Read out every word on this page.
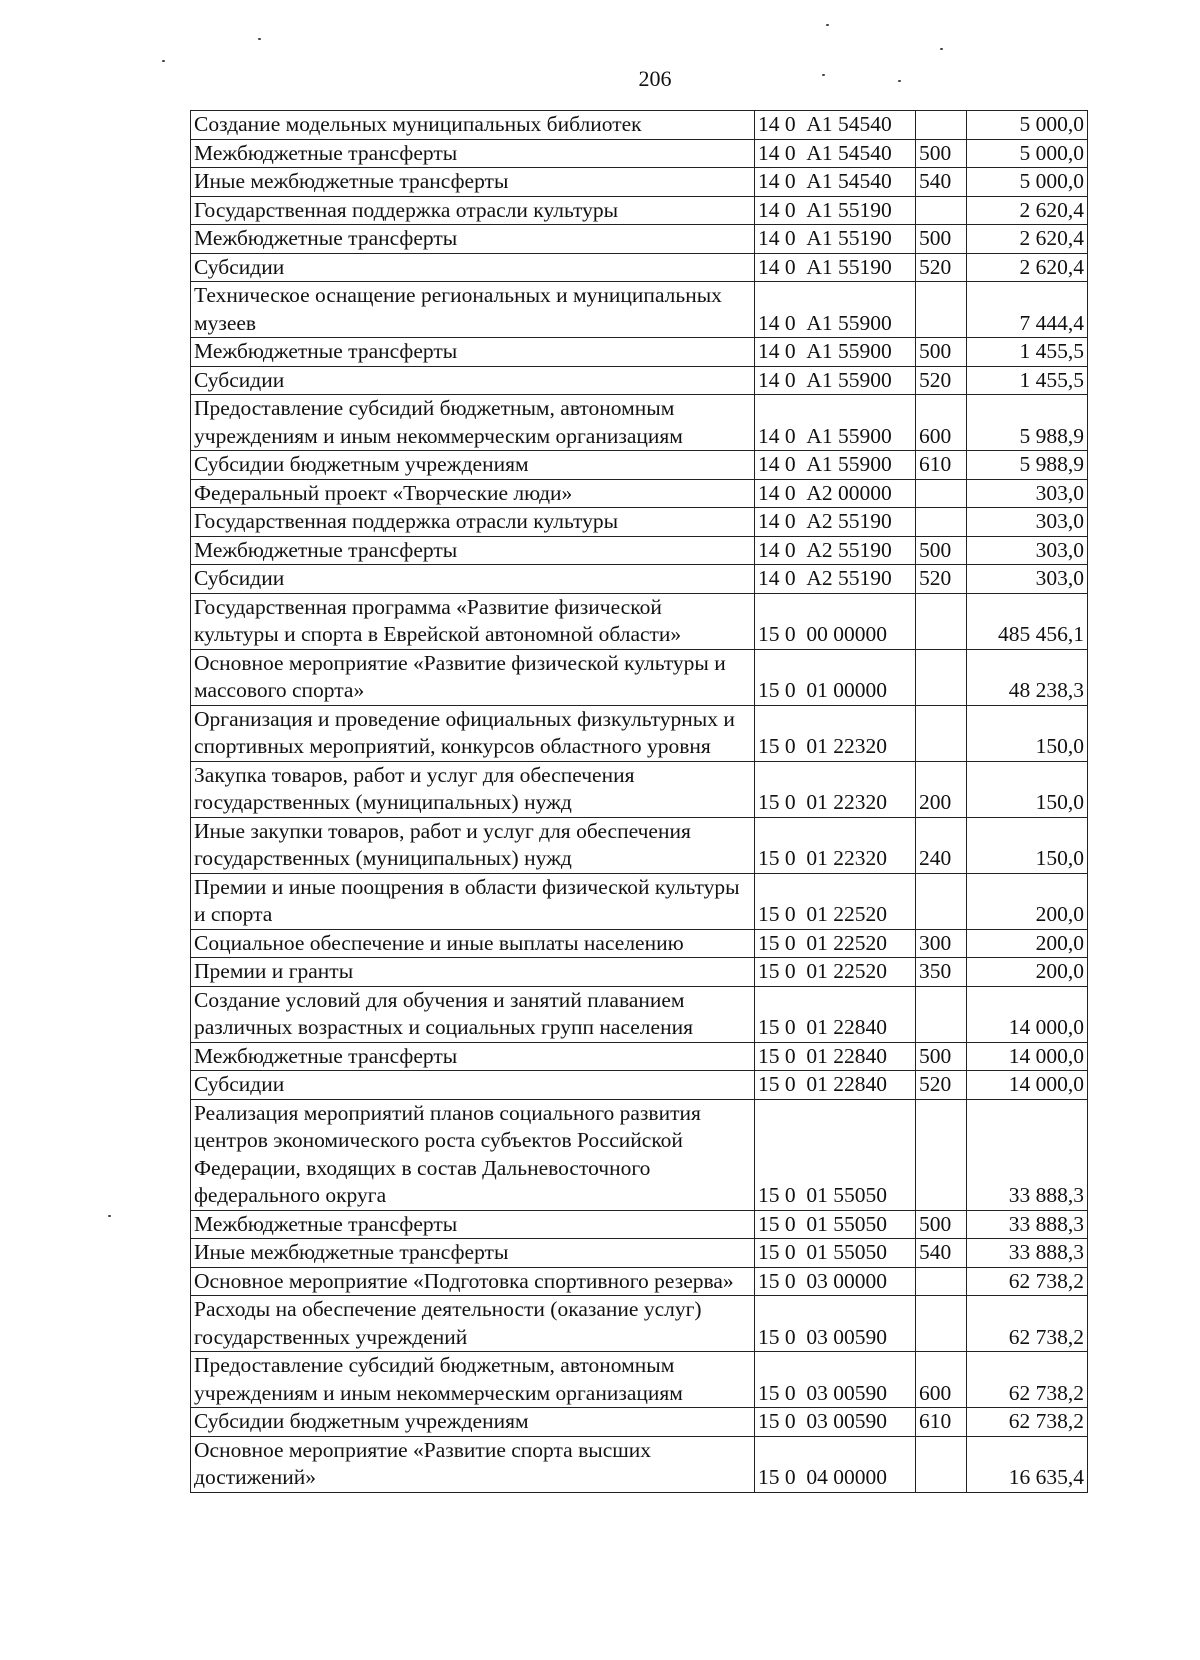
206
Создание модельных муниципальных библиотек	14 0  А1 54540		5 000,0
Межбюджетные трансферты	14 0  А1 54540	500	5 000,0
Иные межбюджетные трансферты	14 0  А1 54540	540	5 000,0
Государственная поддержка отрасли культуры	14 0  А1 55190		2 620,4
Межбюджетные трансферты	14 0  А1 55190	500	2 620,4
Субсидии	14 0  А1 55190	520	2 620,4
Техническое оснащение региональных и муниципальных музеев	14 0  А1 55900		7 444,4
Межбюджетные трансферты	14 0  А1 55900	500	1 455,5
Субсидии	14 0  А1 55900	520	1 455,5
Предоставление субсидий бюджетным, автономным учреждениям и иным некоммерческим организациям	14 0  А1 55900	600	5 988,9
Субсидии бюджетным учреждениям	14 0  А1 55900	610	5 988,9
Федеральный проект «Творческие люди»	14 0  А2 00000		303,0
Государственная поддержка отрасли культуры	14 0  А2 55190		303,0
Межбюджетные трансферты	14 0  А2 55190	500	303,0
Субсидии	14 0  А2 55190	520	303,0
Государственная программа «Развитие физической культуры и спорта в Еврейской автономной области»	15 0  00 00000		485 456,1
Основное мероприятие «Развитие физической культуры и массового спорта»	15 0  01 00000		48 238,3
Организация и проведение официальных физкультурных и спортивных мероприятий, конкурсов областного уровня	15 0  01 22320		150,0
Закупка товаров, работ и услуг для обеспечения государственных (муниципальных) нужд	15 0  01 22320	200	150,0
Иные закупки товаров, работ и услуг для обеспечения государственных (муниципальных) нужд	15 0  01 22320	240	150,0
Премии и иные поощрения в области физической культуры и спорта	15 0  01 22520		200,0
Социальное обеспечение и иные выплаты населению	15 0  01 22520	300	200,0
Премии и гранты	15 0  01 22520	350	200,0
Создание условий для обучения и занятий плаванием различных возрастных и социальных групп населения	15 0  01 22840		14 000,0
Межбюджетные трансферты	15 0  01 22840	500	14 000,0
Субсидии	15 0  01 22840	520	14 000,0
Реализация мероприятий планов социального развития центров экономического роста субъектов Российской Федерации, входящих в состав Дальневосточного федерального округа	15 0  01 55050		33 888,3
Межбюджетные трансферты	15 0  01 55050	500	33 888,3
Иные межбюджетные трансферты	15 0  01 55050	540	33 888,3
Основное мероприятие «Подготовка спортивного резерва»	15 0  03 00000		62 738,2
Расходы на обеспечение деятельности (оказание услуг) государственных учреждений	15 0  03 00590		62 738,2
Предоставление субсидий бюджетным, автономным учреждениям и иным некоммерческим организациям	15 0  03 00590	600	62 738,2
Субсидии бюджетным учреждениям	15 0  03 00590	610	62 738,2
Основное мероприятие «Развитие спорта высших достижений»	15 0  04 00000		16 635,4
